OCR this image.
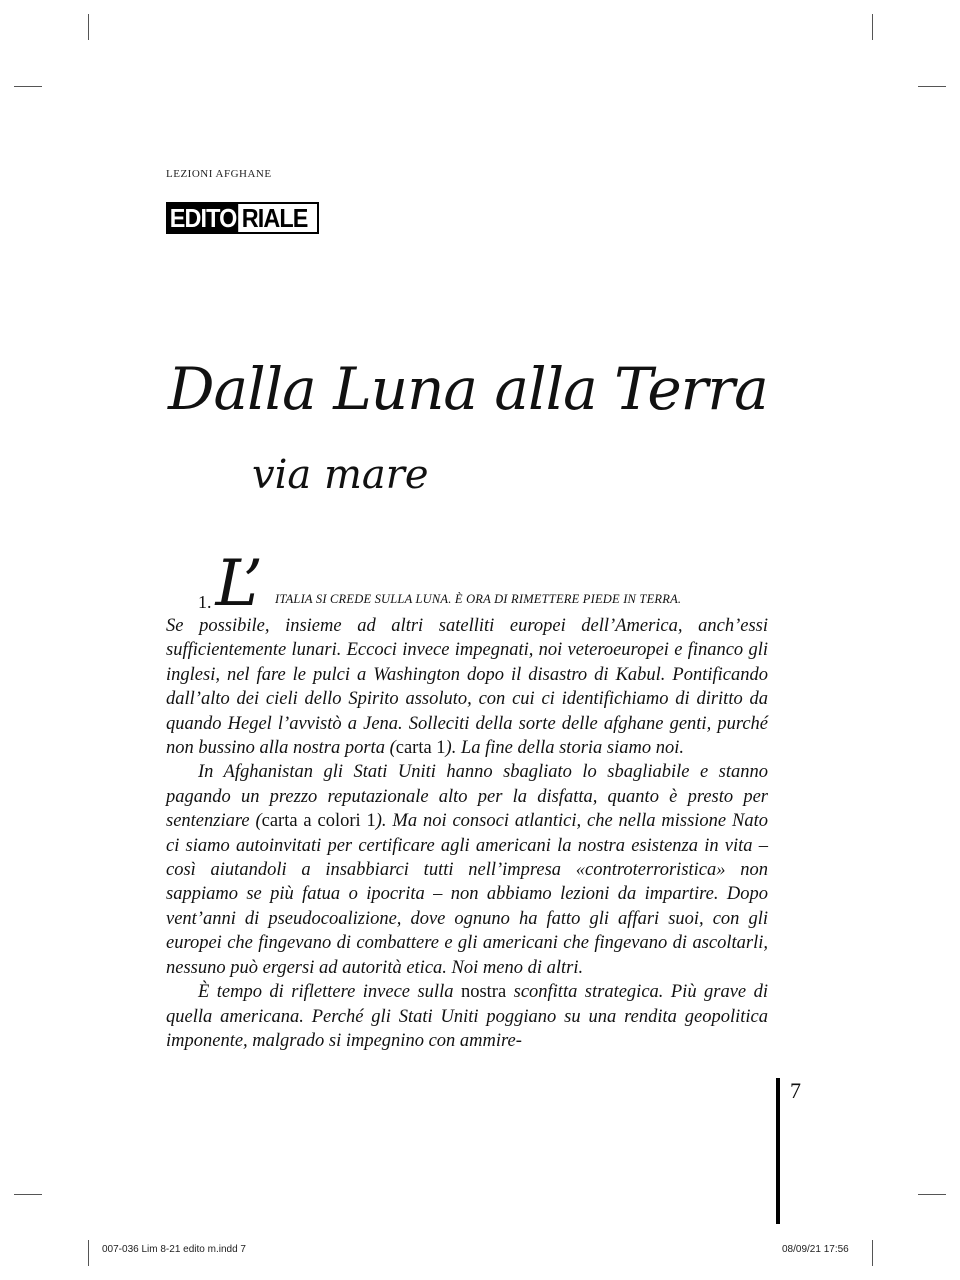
LEZIONI AFGHANE
EDITO RIALE
Dalla Luna alla Terra
via mare
1. L’ ITALIA SI CREDE SULLA LUNA. È ORA DI RIMETTERE PIEDE IN TERRA.

Se possibile, insieme ad altri satelliti europei dell’America, anch’essi sufficientemente lunari. Eccoci invece impegnati, noi veteroeuropei e financo gli inglesi, nel fare le pulci a Washington dopo il disastro di Kabul. Pontificando dall’alto dei cieli dello Spirito assoluto, con cui ci identifichiamo di diritto da quando Hegel l’avvistò a Jena. Solleciti della sorte delle afghane genti, purché non bussino alla nostra porta (carta 1). La fine della storia siamo noi.

In Afghanistan gli Stati Uniti hanno sbagliato lo sbagliabile e stanno pagando un prezzo reputazionale alto per la disfatta, quanto è presto per sentenziare (carta a colori 1). Ma noi consoci atlantici, che nella missione Nato ci siamo autoinvitati per certificare agli americani la nostra esistenza in vita – così aiutandoli a insabbiarci tutti nell’impresa «controterroristica» non sappiamo se più fatua o ipocrita – non abbiamo lezioni da impartire. Dopo vent’anni di pseudocoalizione, dove ognuno ha fatto gli affari suoi, con gli europei che fingevano di combattere e gli americani che fingevano di ascoltarli, nessuno può ergersi ad autorità etica. Noi meno di altri.

È tempo di riflettere invece sulla nostra sconfitta strategica. Più grave di quella americana. Perché gli Stati Uniti poggiano su una rendita geopolitica imponente, malgrado si impegnino con ammire-

7
007-036 Lim 8-21 edito m.indd 7	08/09/21 17:56
